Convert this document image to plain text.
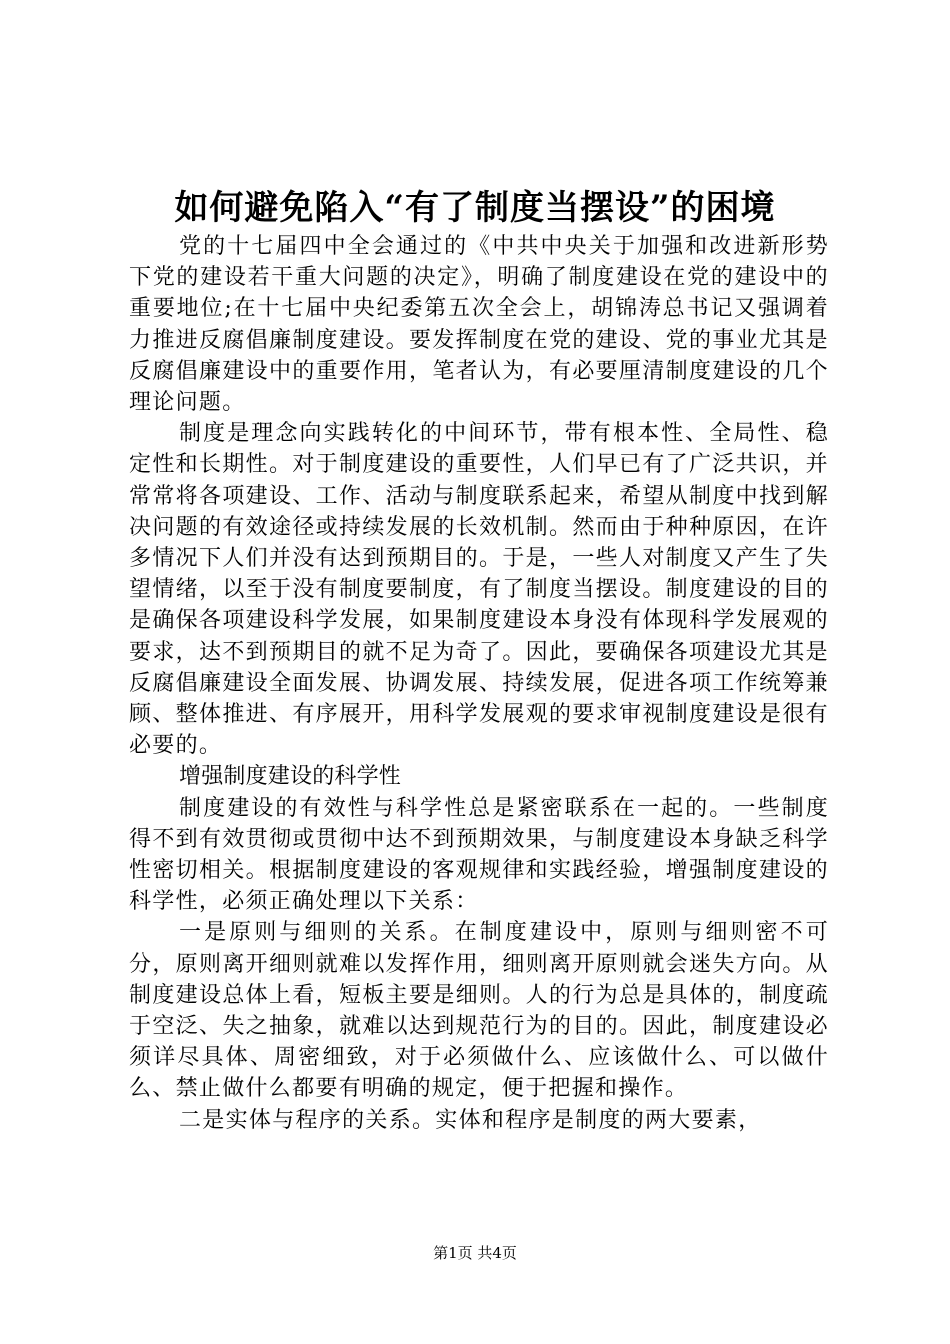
如何避免陷入“有了制度当摆设”的困境

党的十七届四中全会通过的《中共中央关于加强和改进新形势下党的建设若干重大问题的决定》，明确了制度建设在党的建设中的重要地位;在十七届中央纪委第五次全会上，胡锦涛总书记又强调着力推进反腐倡廉制度建设。要发挥制度在党的建设、党的事业尤其是反腐倡廉建设中的重要作用，笔者认为，有必要厘清制度建设的几个理论问题。

制度是理念向实践转化的中间环节，带有根本性、全局性、稳定性和长期性。对于制度建设的重要性，人们早已有了广泛共识，并常常将各项建设、工作、活动与制度联系起来，希望从制度中找到解决问题的有效途径或持续发展的长效机制。然而由于种种原因，在许多情况下人们并没有达到预期目的。于是，一些人对制度又产生了失望情绪，以至于没有制度要制度，有了制度当摆设。制度建设的目的是确保各项建设科学发展，如果制度建设本身没有体现科学发展观的要求，达不到预期目的就不足为奇了。因此，要确保各项建设尤其是反腐倡廉建设全面发展、协调发展、持续发展，促进各项工作统筹兼顾、整体推进、有序展开，用科学发展观的要求审视制度建设是很有必要的。

增强制度建设的科学性

制度建设的有效性与科学性总是紧密联系在一起的。一些制度得不到有效贯彻或贯彻中达不到预期效果，与制度建设本身缺乏科学性密切相关。根据制度建设的客观规律和实践经验，增强制度建设的科学性，必须正确处理以下关系：

一是原则与细则的关系。在制度建设中，原则与细则密不可分，原则离开细则就难以发挥作用，细则离开原则就会迷失方向。从制度建设总体上看，短板主要是细则。人的行为总是具体的，制度疏于空泛、失之抽象，就难以达到规范行为的目的。因此，制度建设必须详尽具体、周密细致，对于必须做什么、应该做什么、可以做什么、禁止做什么都要有明确的规定，便于把握和操作。

二是实体与程序的关系。实体和程序是制度的两大要素，

第1页 共4页
